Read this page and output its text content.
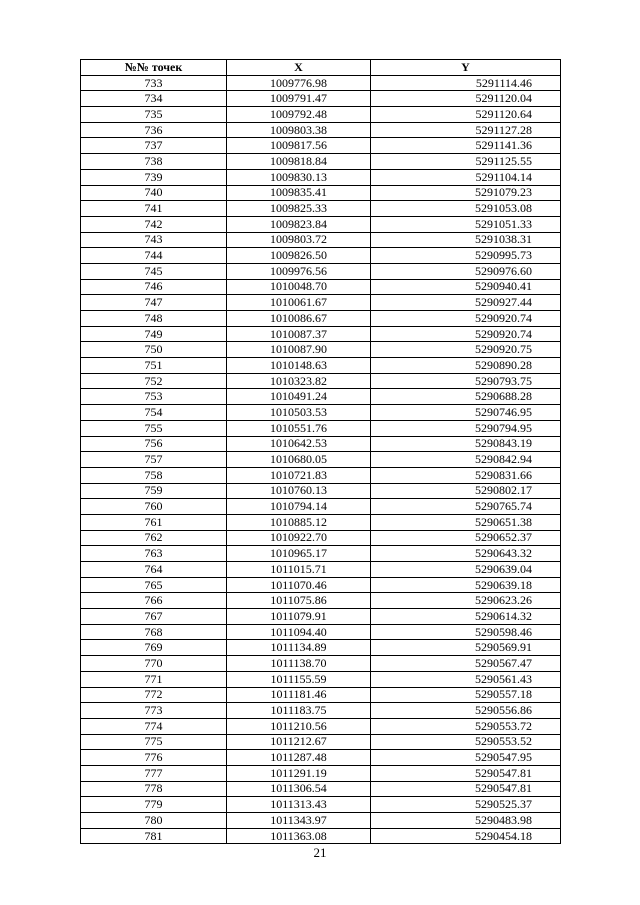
№№ точек	X	Y
733	1009776.98	5291114.46
734	1009791.47	5291120.04
735	1009792.48	5291120.64
736	1009803.38	5291127.28
737	1009817.56	5291141.36
738	1009818.84	5291125.55
739	1009830.13	5291104.14
740	1009835.41	5291079.23
741	1009825.33	5291053.08
742	1009823.84	5291051.33
743	1009803.72	5291038.31
744	1009826.50	5290995.73
745	1009976.56	5290976.60
746	1010048.70	5290940.41
747	1010061.67	5290927.44
748	1010086.67	5290920.74
749	1010087.37	5290920.74
750	1010087.90	5290920.75
751	1010148.63	5290890.28
752	1010323.82	5290793.75
753	1010491.24	5290688.28
754	1010503.53	5290746.95
755	1010551.76	5290794.95
756	1010642.53	5290843.19
757	1010680.05	5290842.94
758	1010721.83	5290831.66
759	1010760.13	5290802.17
760	1010794.14	5290765.74
761	1010885.12	5290651.38
762	1010922.70	5290652.37
763	1010965.17	5290643.32
764	1011015.71	5290639.04
765	1011070.46	5290639.18
766	1011075.86	5290623.26
767	1011079.91	5290614.32
768	1011094.40	5290598.46
769	1011134.89	5290569.91
770	1011138.70	5290567.47
771	1011155.59	5290561.43
772	1011181.46	5290557.18
773	1011183.75	5290556.86
774	1011210.56	5290553.72
775	1011212.67	5290553.52
776	1011287.48	5290547.95
777	1011291.19	5290547.81
778	1011306.54	5290547.81
779	1011313.43	5290525.37
780	1011343.97	5290483.98
781	1011363.08	5290454.18
21
